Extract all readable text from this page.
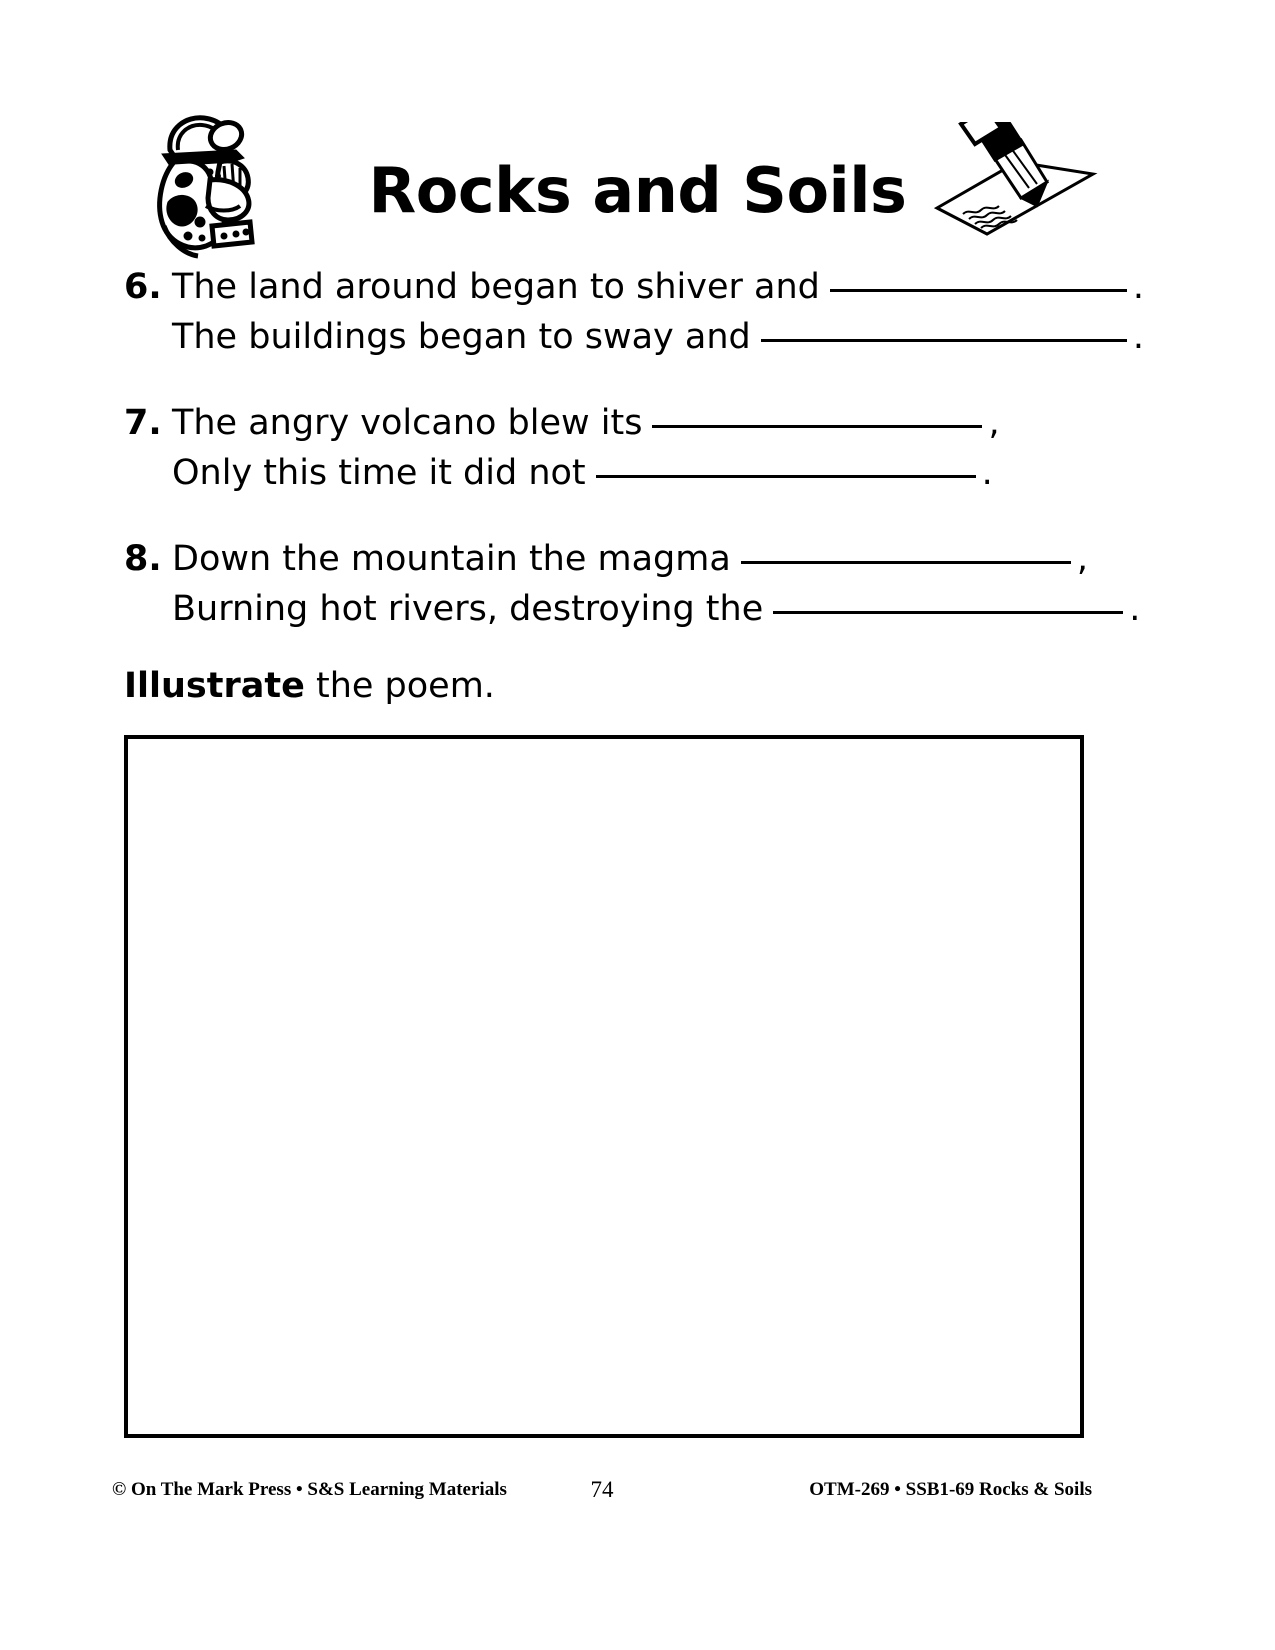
Rocks and Soils
6. The land around began to shiver and	.
The buildings began to sway and	.
7. The angry volcano blew its	,
Only this time it did not	.
8. Down the mountain the magma	,
Burning hot rivers, destroying the	.
Illustrate the poem.
© On The Mark Press • S&S Learning Materials	74	OTM-269 • SSB1-69 Rocks & Soils
